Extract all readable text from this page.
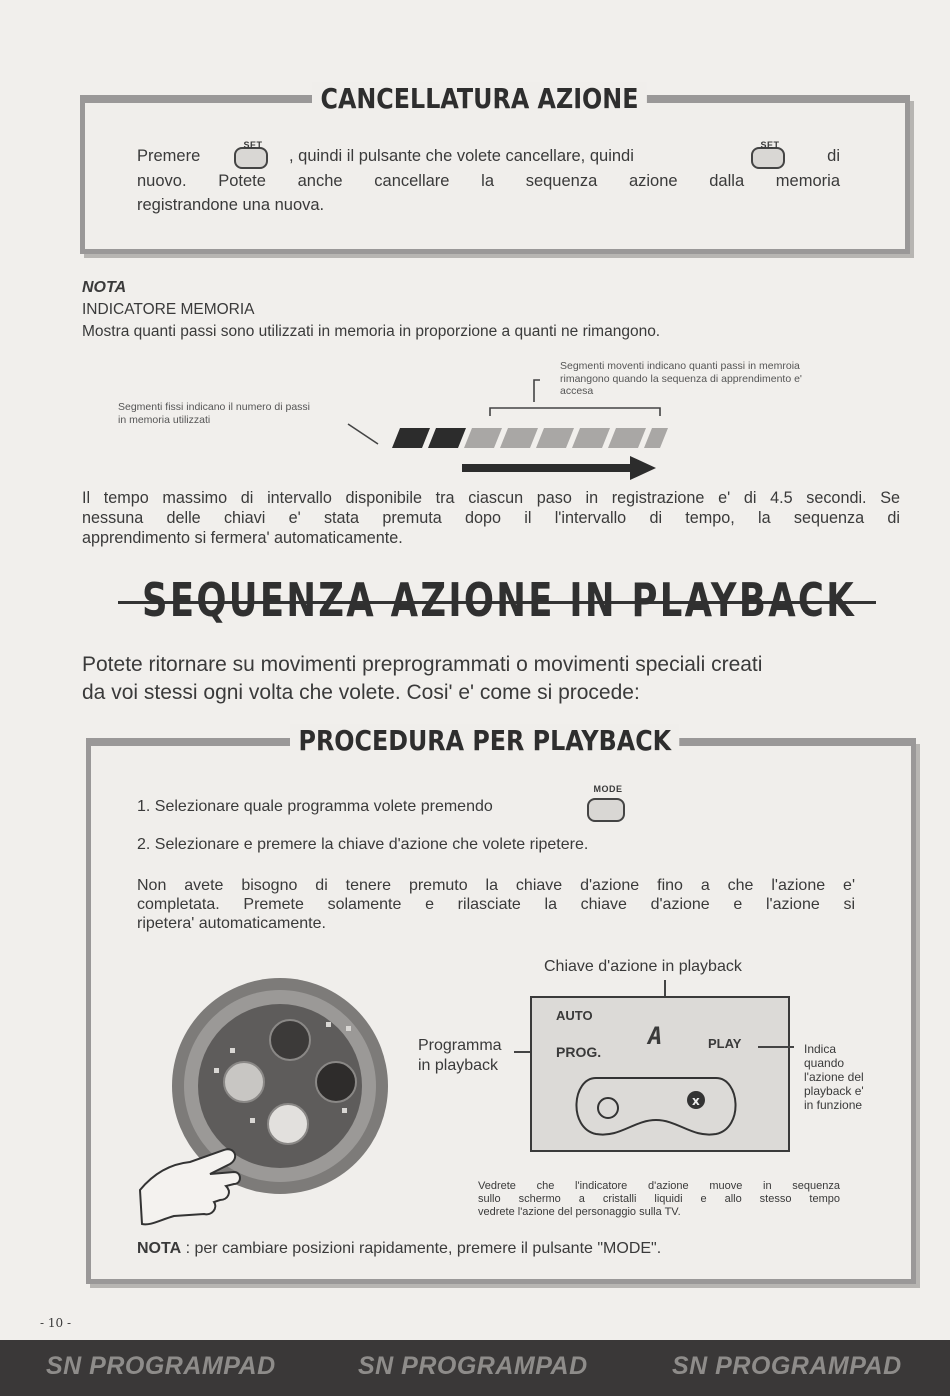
CANCELLATURA AZIONE
Premere
SET
, quindi il pulsante che volete cancellare, quindi
SET
di
nuovo. Potete anche cancellare la sequenza azione dalla memoria
registrandone una nuova.
NOTA
INDICATORE MEMORIA
Mostra quanti passi sono utilizzati in memoria in proporzione a quanti ne rimangono.
Segmenti moventi indicano quanti passi in memroia
rimangono quando la sequenza di apprendimento e'
accesa
Segmenti fissi indicano il numero di passi
in memoria utilizzati
Il tempo massimo di intervallo disponibile tra ciascun paso in registrazione e' di 4.5 secondi. Se
nessuna delle chiavi e' stata premuta dopo il l'intervallo di tempo, la sequenza di
apprendimento si fermera' automaticamente.
SEQUENZA AZIONE IN PLAYBACK
Potete ritornare su movimenti preprogrammati o movimenti speciali creati
da voi stessi ogni volta che volete. Cosi' e' come si procede:
PROCEDURA PER PLAYBACK
1. Selezionare quale programma volete premendo
MODE
2. Selezionare e premere la chiave d'azione che volete ripetere.
Non avete bisogno di tenere premuto la chiave d'azione fino a che l'azione e'
completata. Premete solamente e rilasciate la chiave d'azione e l'azione si
ripetera' automaticamente.
Chiave d'azione in playback
Programma
in playback
AUTO
A	PLAY
PROG.
x
Indica
quando
l'azione del
playback e'
in funzione
Vedrete che l'indicatore d'azione muove in sequenza
sullo schermo a cristalli liquidi e allo stesso tempo
vedrete l'azione del personaggio sulla TV.
NOTA : per cambiare posizioni rapidamente, premere il pulsante "MODE".
- 10 -
SN PROGRAMPAD	SN PROGRAMPAD	SN PROGRAMPAD
